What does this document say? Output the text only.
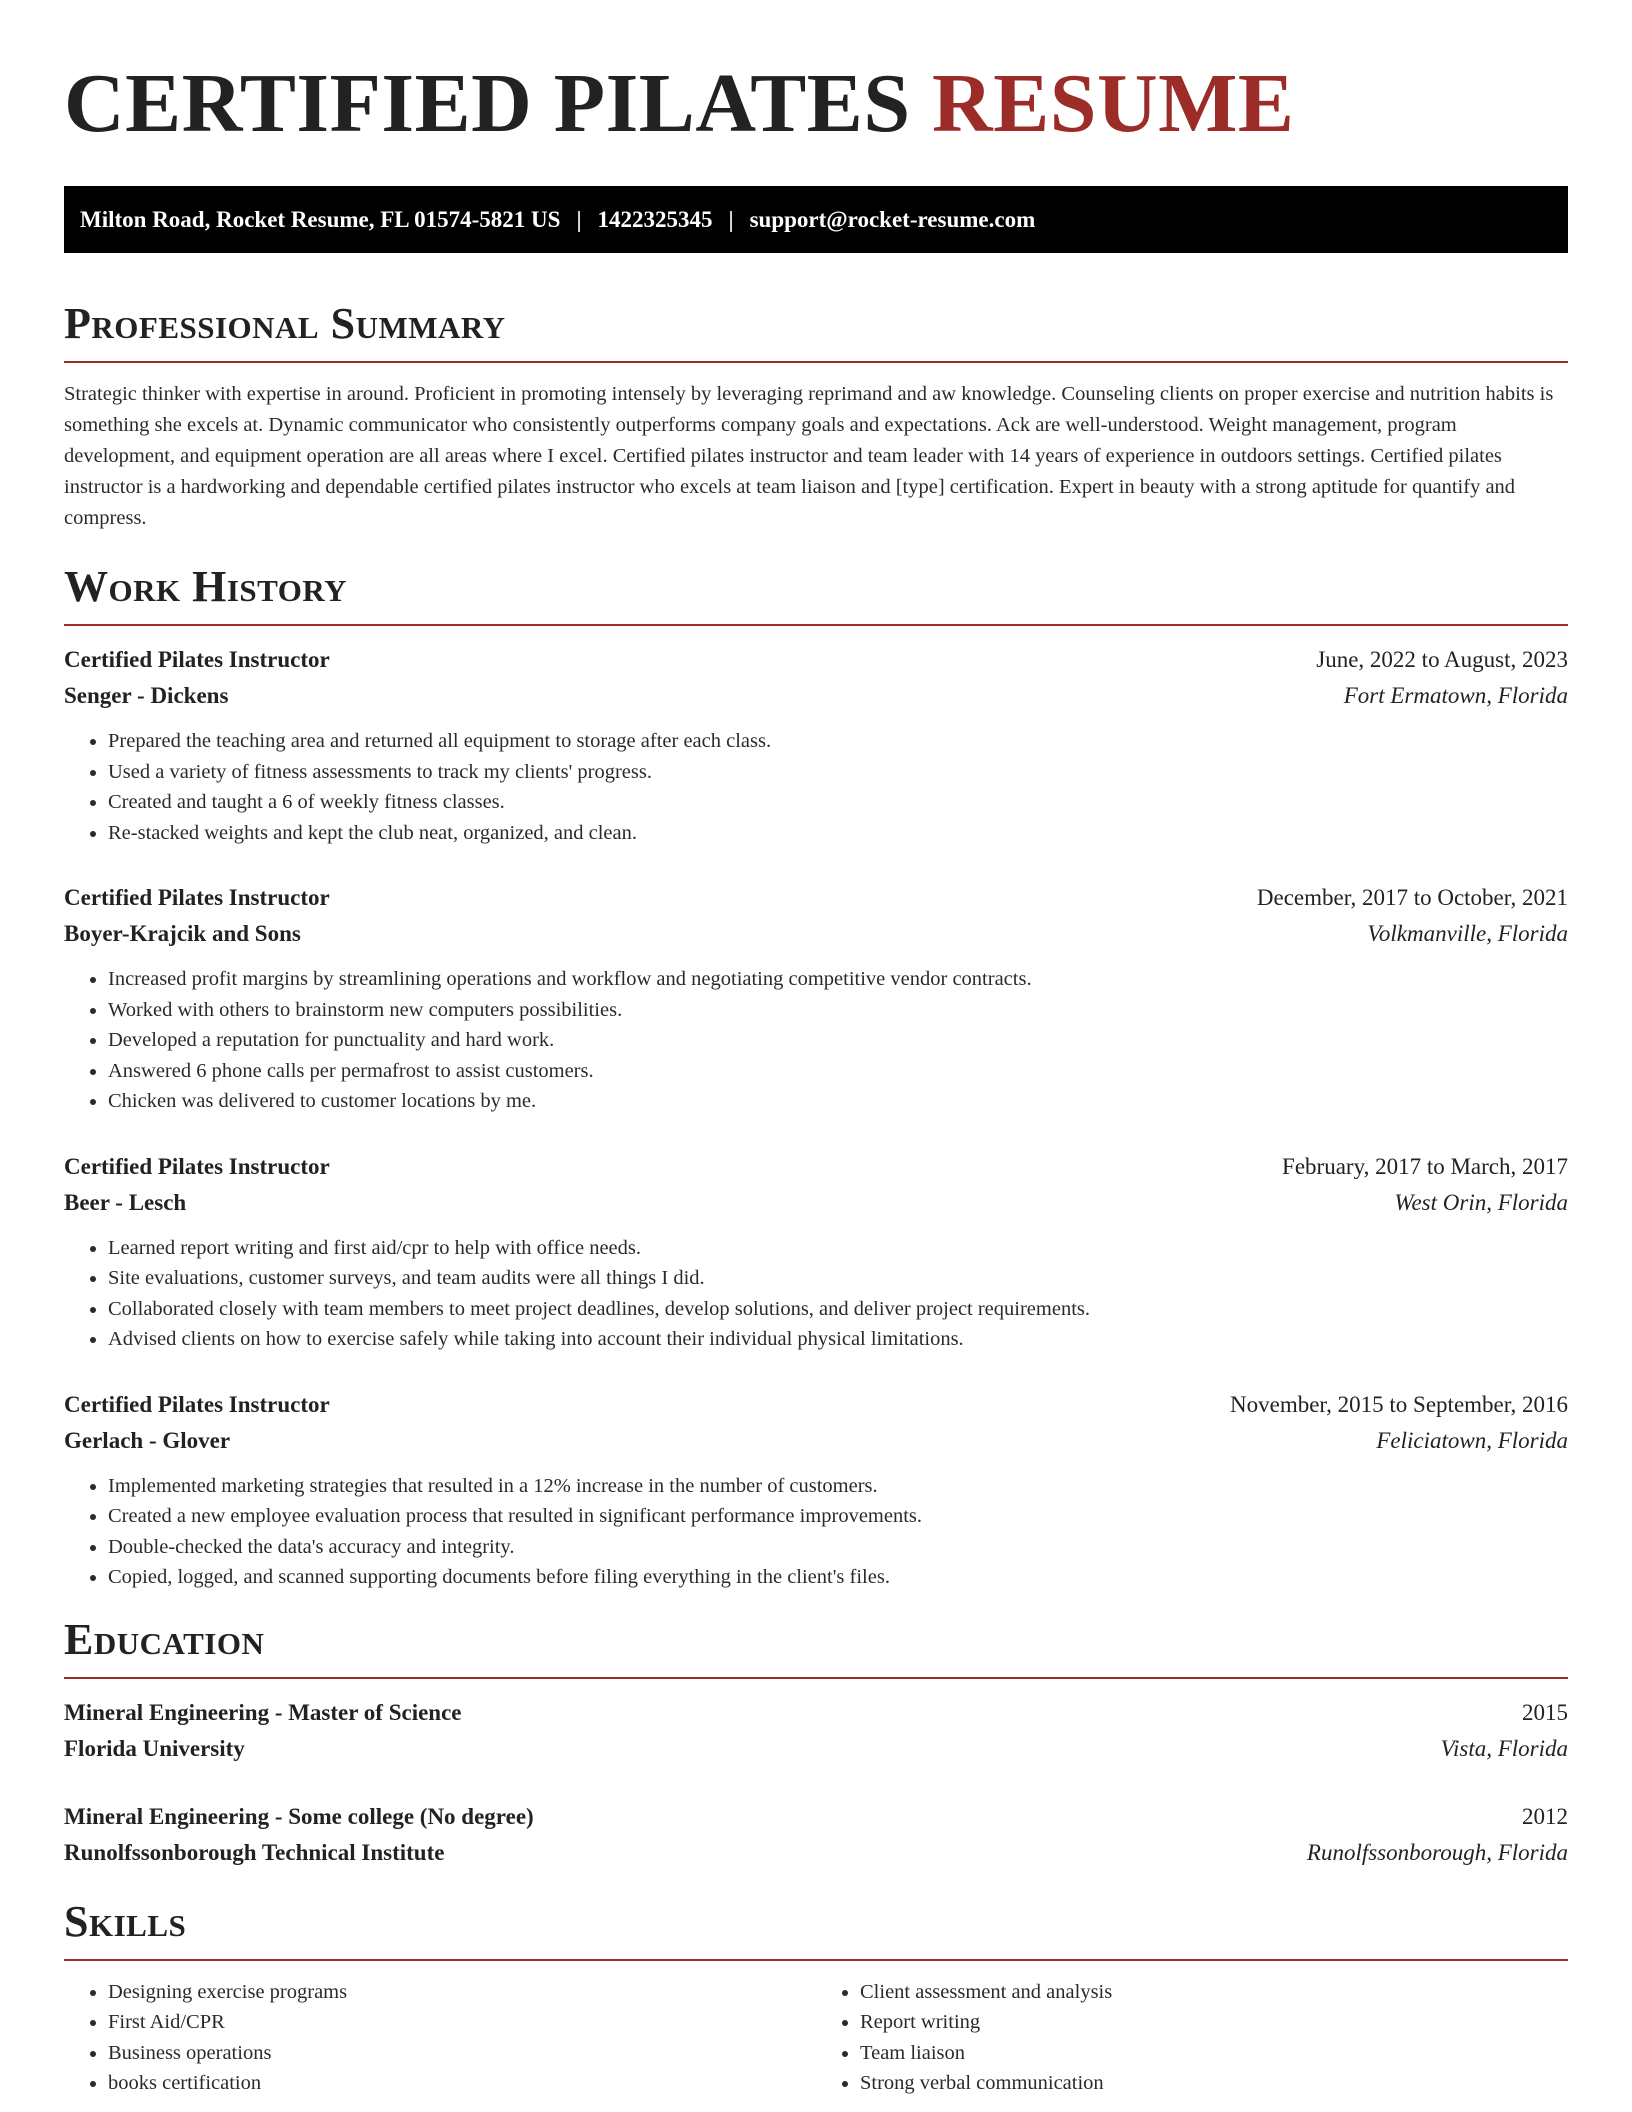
CERTIFIED PILATES RESUME
Milton Road, Rocket Resume, FL 01574-5821 US | 1422325345 | support@rocket-resume.com
Professional Summary

Strategic thinker with expertise in around. Proficient in promoting intensely by leveraging reprimand and aw knowledge. Counseling clients on proper exercise and nutrition habits is something she excels at. Dynamic communicator who consistently outperforms company goals and expectations. Ack are well-understood. Weight management, program development, and equipment operation are all areas where I excel. Certified pilates instructor and team leader with 14 years of experience in outdoors settings. Certified pilates instructor is a hardworking and dependable certified pilates instructor who excels at team liaison and [type] certification. Expert in beauty with a strong aptitude for quantify and compress.

Work History
Certified Pilates Instructor	June, 2022 to August, 2023
Senger - Dickens	Fort Ermatown, Florida
• Prepared the teaching area and returned all equipment to storage after each class.
• Used a variety of fitness assessments to track my clients' progress.
• Created and taught a 6 of weekly fitness classes.
• Re-stacked weights and kept the club neat, organized, and clean.
Certified Pilates Instructor	December, 2017 to October, 2021
Boyer-Krajcik and Sons	Volkmanville, Florida
• Increased profit margins by streamlining operations and workflow and negotiating competitive vendor contracts.
• Worked with others to brainstorm new computers possibilities.
• Developed a reputation for punctuality and hard work.
• Answered 6 phone calls per permafrost to assist customers.
• Chicken was delivered to customer locations by me.
Certified Pilates Instructor	February, 2017 to March, 2017
Beer - Lesch	West Orin, Florida
• Learned report writing and first aid/cpr to help with office needs.
• Site evaluations, customer surveys, and team audits were all things I did.
• Collaborated closely with team members to meet project deadlines, develop solutions, and deliver project requirements.
• Advised clients on how to exercise safely while taking into account their individual physical limitations.
Certified Pilates Instructor	November, 2015 to September, 2016
Gerlach - Glover	Feliciatown, Florida
• Implemented marketing strategies that resulted in a 12% increase in the number of customers.
• Created a new employee evaluation process that resulted in significant performance improvements.
• Double-checked the data's accuracy and integrity.
• Copied, logged, and scanned supporting documents before filing everything in the client's files.
Education
Mineral Engineering - Master of Science	2015
Florida University	Vista, Florida
Mineral Engineering - Some college (No degree)	2012
Runolfssonborough Technical Institute	Runolfssonborough, Florida
Skills
• Designing exercise programs
• First Aid/CPR
• Business operations
• books certification
• Client assessment and analysis
• Report writing
• Team liaison
• Strong verbal communication
